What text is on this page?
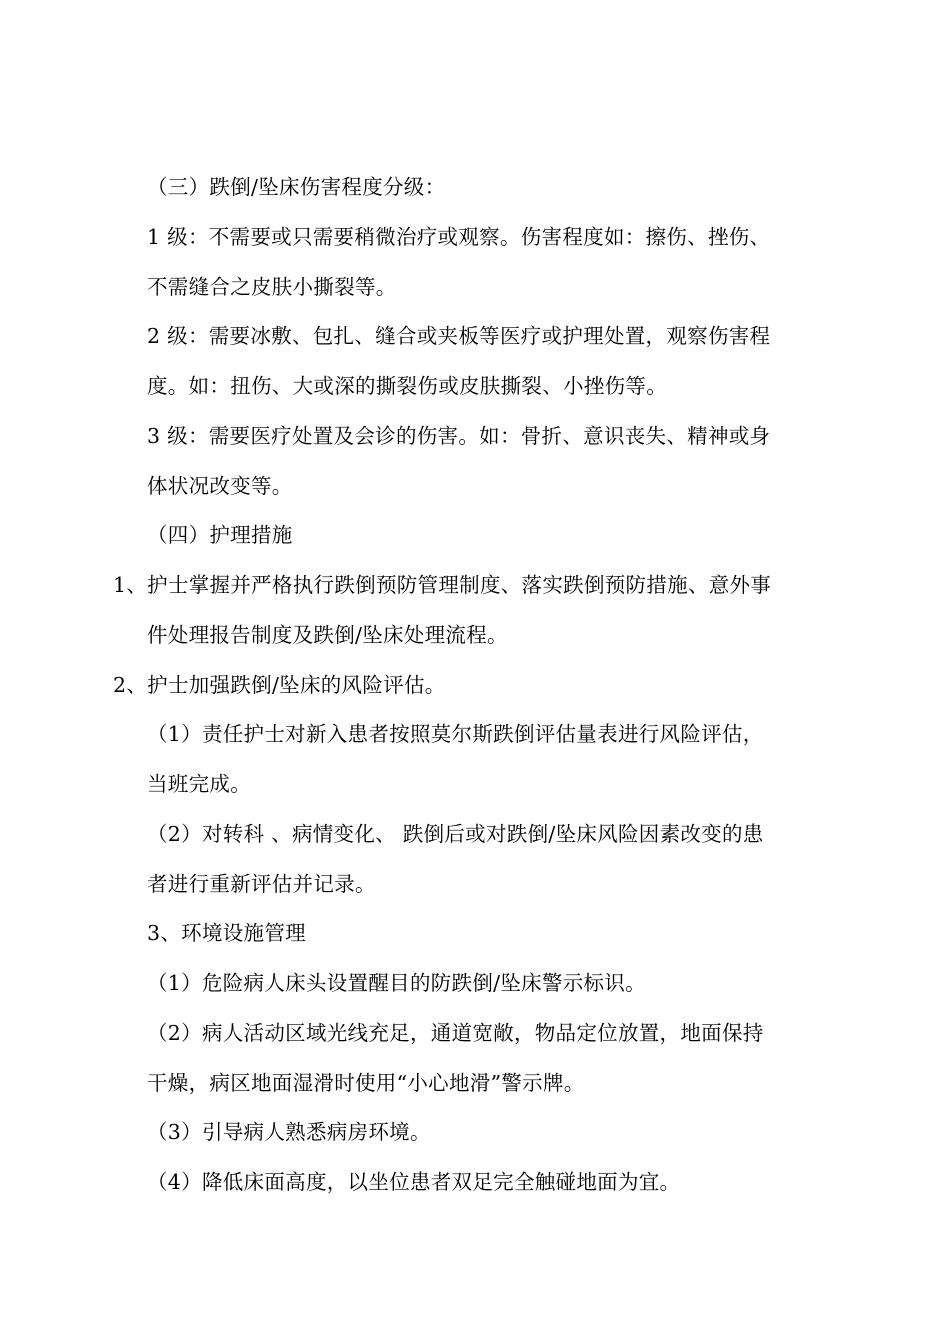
（三）跌倒/坠床伤害程度分级：
1 级：不需要或只需要稍微治疗或观察。伤害程度如：擦伤、挫伤、
不需缝合之皮肤小撕裂等。
2 级：需要冰敷、包扎、缝合或夹板等医疗或护理处置，观察伤害程
度。如：扭伤、大或深的撕裂伤或皮肤撕裂、小挫伤等。
3 级：需要医疗处置及会诊的伤害。如：骨折、意识丧失、精神或身
体状况改变等。
（四）护理措施
1、护士掌握并严格执行跌倒预防管理制度、落实跌倒预防措施、意外事
件处理报告制度及跌倒/坠床处理流程。
2、护士加强跌倒/坠床的风险评估。
（1）责任护士对新入患者按照莫尔斯跌倒评估量表进行风险评估，
当班完成。
（2）对转科 、病情变化、 跌倒后或对跌倒/坠床风险因素改变的患
者进行重新评估并记录。
3、环境设施管理
（1）危险病人床头设置醒目的防跌倒/坠床警示标识。
（2）病人活动区域光线充足，通道宽敞，物品定位放置，地面保持
干燥，病区地面湿滑时使用“小心地滑”警示牌。
（3）引导病人熟悉病房环境。
（4）降低床面高度，以坐位患者双足完全触碰地面为宜。
